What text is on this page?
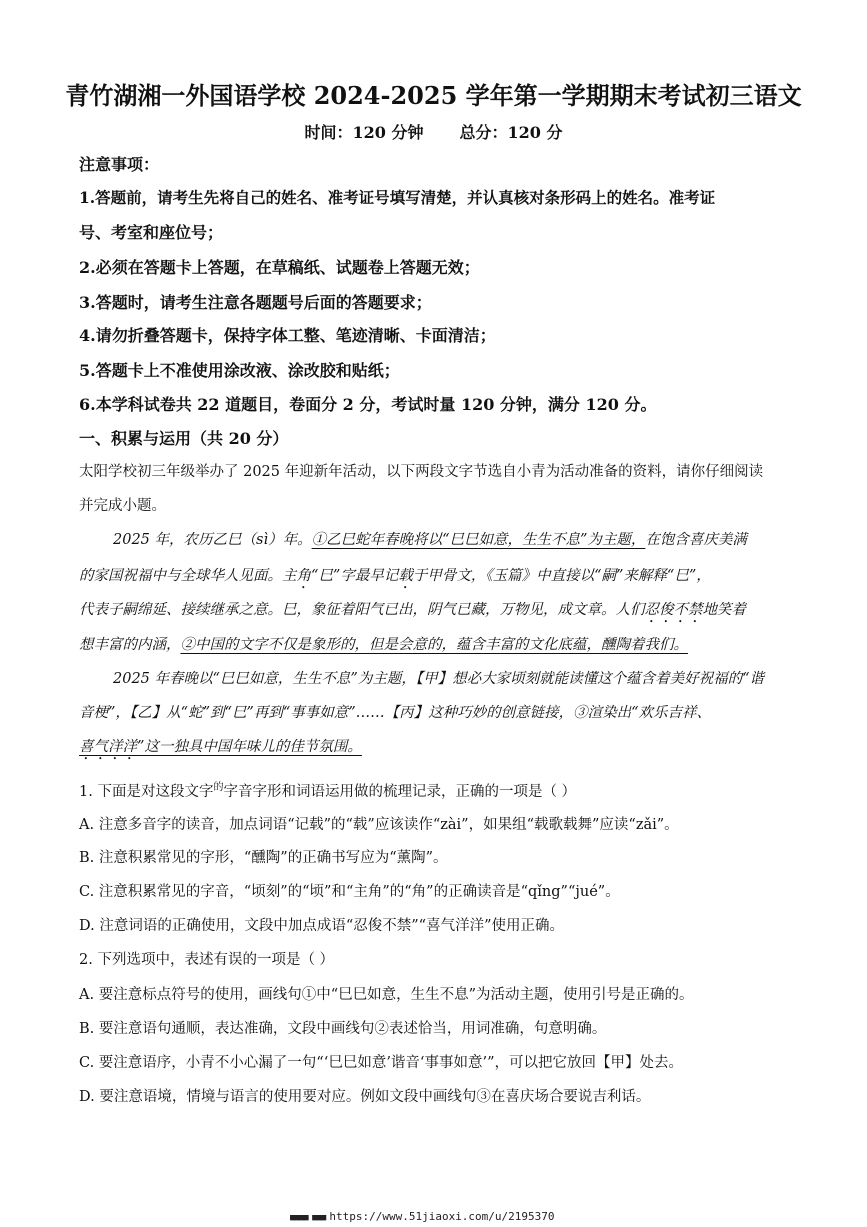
青竹湖湘一外国语学校 2024-2025 学年第一学期期末考试初三语文
时间：120 分钟 总分：120 分
注意事项：
1.答题前，请考生先将自己的姓名、准考证号填写清楚，并认真核对条形码上的姓名。准考证
号、考室和座位号；
2.必须在答题卡上答题，在草稿纸、试题卷上答题无效；
3.答题时，请考生注意各题题号后面的答题要求；
4.请勿折叠答题卡，保持字体工整、笔迹清晰、卡面清洁；
5.答题卡上不准使用涂改液、涂改胶和贴纸；
6.本学科试卷共 22 道题目，卷面分 2 分，考试时量 120 分钟，满分 120 分。
一、积累与运用（共 20 分）
太阳学校初三年级举办了 2025 年迎新年活动，以下两段文字节选自小青为活动准备的资料，请你仔细阅读
并完成小题。
2025 年，农历乙巳（sì）年。①乙巳蛇年春晚将以“巳巳如意，生生不息”为主题，在饱含喜庆美满
的家国祝福中与全球华人见面。主角“巳”字最早记载于甲骨文，《玉篇》中直接以“嗣”来解释“巳”，
代表子嗣绵延、接续继承之意。巳，象征着阳气已出，阴气已藏，万物见，成文章。人们忍俊不禁地笑着
想丰富的内涵，②中国的文字不仅是象形的，但是会意的，蕴含丰富的文化底蕴，醺陶着我们。
2025 年春晚以“巳巳如意，生生不息”为主题，【甲】想必大家顷刻就能读懂这个蕴含着美好祝福的“谐
音梗”，【乙】从“蛇”到“巳”再到“事事如意”……【丙】这种巧妙的创意链接，③渲染出“欢乐吉祥、
喜气洋洋”这一独具中国年味儿的佳节氛围。
1. 下面是对这段文字$^的$字音字形和词语运用做的梳理记录，正确的一项是（ ）
A. 注意多音字的读音，加点词语“记载”的“载”应该读作“zài”，如果组“载歌载舞”应读“zǎi”。
B. 注意积累常见的字形，“醺陶”的正确书写应为“薰陶”。
C. 注意积累常见的字音，“顷刻”的“顷”和“主角”的“角”的正确读音是“qǐng”“jué”。
D. 注意词语的正确使用，文段中加点成语“忍俊不禁”“喜气洋洋”使用正确。
2. 下列选项中，表述有误的一项是（ ）
A. 要注意标点符号的使用，画线句①中“巳巳如意，生生不息”为活动主题，使用引号是正确的。
B. 要注意语句通顺，表达准确，文段中画线句②表述恰当，用词准确，句意明确。
C. 要注意语序，小青不小心漏了一句“‘巳巳如意’谐音‘事事如意’”，可以把它放回【甲】处去。
D. 要注意语境，情境与语言的使用要对应。例如文段中画线句③在喜庆场合要说吉利话。
■■■■ ■■■ https://www.51jiaoxi.com/u/2195370
